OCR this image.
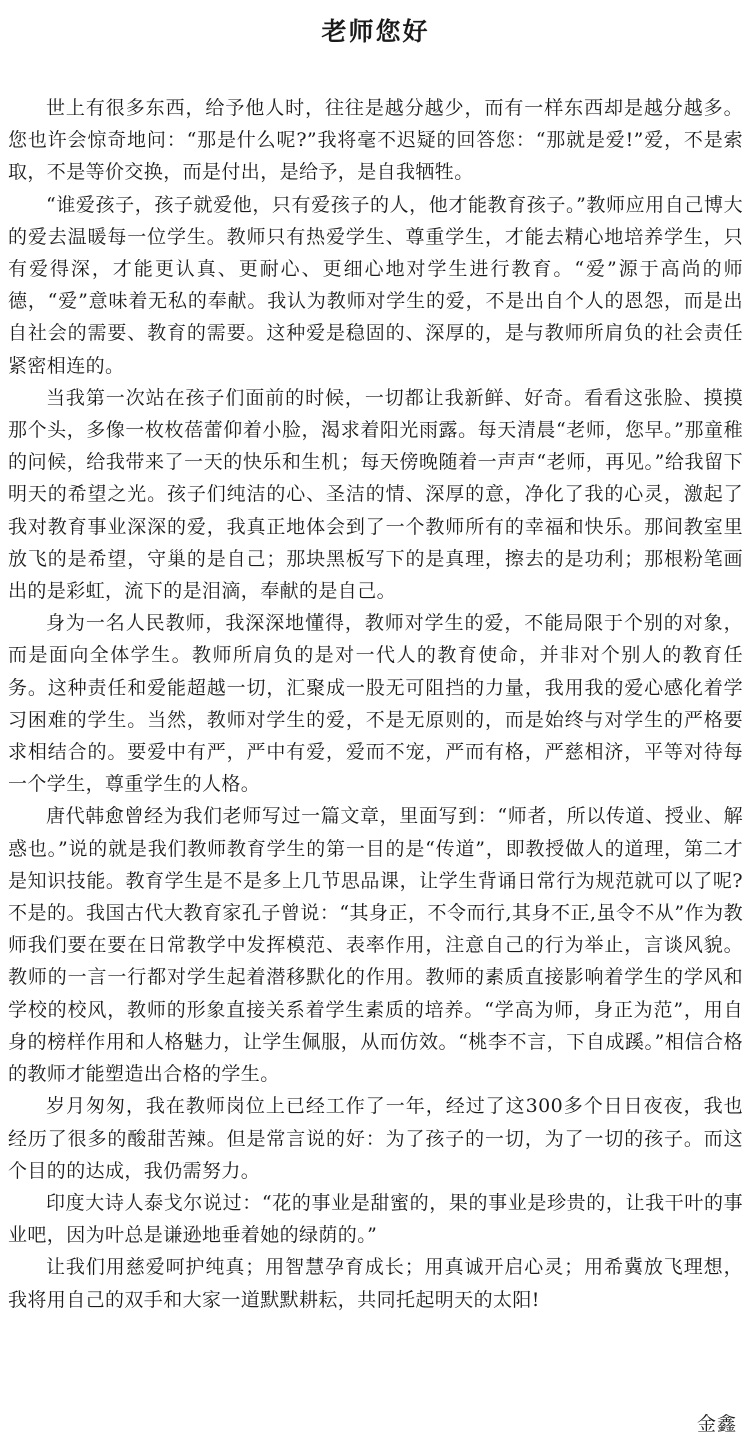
老师您好

世上有很多东西，给予他人时，往往是越分越少，而有一样东西却是越分越多。您也许会惊奇地问：“那是什么呢?”我将毫不迟疑的回答您：“那就是爱!”爱，不是索取，不是等价交换，而是付出，是给予，是自我牺牲。

“谁爱孩子，孩子就爱他，只有爱孩子的人，他才能教育孩子。”教师应用自己博大的爱去温暖每一位学生。教师只有热爱学生、尊重学生，才能去精心地培养学生，只有爱得深，才能更认真、更耐心、更细心地对学生进行教育。“爱”源于高尚的师德，“爱”意味着无私的奉献。我认为教师对学生的爱，不是出自个人的恩怨，而是出自社会的需要、教育的需要。这种爱是稳固的、深厚的，是与教师所肩负的社会责任紧密相连的。

当我第一次站在孩子们面前的时候，一切都让我新鲜、好奇。看看这张脸、摸摸那个头，多像一枚枚蓓蕾仰着小脸，渴求着阳光雨露。每天清晨“老师，您早。”那童稚的问候，给我带来了一天的快乐和生机；每天傍晚随着一声声“老师，再见。”给我留下明天的希望之光。孩子们纯洁的心、圣洁的情、深厚的意，净化了我的心灵，激起了我对教育事业深深的爱，我真正地体会到了一个教师所有的幸福和快乐。那间教室里放飞的是希望，守巢的是自己；那块黑板写下的是真理，擦去的是功利；那根粉笔画出的是彩虹，流下的是泪滴，奉献的是自己。

身为一名人民教师，我深深地懂得，教师对学生的爱，不能局限于个别的对象，而是面向全体学生。教师所肩负的是对一代人的教育使命，并非对个别人的教育任务。这种责任和爱能超越一切，汇聚成一股无可阻挡的力量，我用我的爱心感化着学习困难的学生。当然，教师对学生的爱，不是无原则的，而是始终与对学生的严格要求相结合的。要爱中有严，严中有爱，爱而不宠，严而有格，严慈相济，平等对待每一个学生，尊重学生的人格。

唐代韩愈曾经为我们老师写过一篇文章，里面写到：“师者，所以传道、授业、解惑也。”说的就是我们教师教育学生的第一目的是“传道”，即教授做人的道理，第二才是知识技能。教育学生是不是多上几节思品课，让学生背诵日常行为规范就可以了呢?不是的。我国古代大教育家孔子曾说：“其身正，不令而行,其身不正,虽令不从”作为教师我们要在要在日常教学中发挥模范、表率作用，注意自己的行为举止，言谈风貌。教师的一言一行都对学生起着潜移默化的作用。教师的素质直接影响着学生的学风和学校的校风，教师的形象直接关系着学生素质的培养。“学高为师，身正为范”，用自身的榜样作用和人格魅力，让学生佩服，从而仿效。“桃李不言，下自成蹊。”相信合格的教师才能塑造出合格的学生。

岁月匆匆，我在教师岗位上已经工作了一年，经过了这300多个日日夜夜，我也经历了很多的酸甜苦辣。但是常言说的好：为了孩子的一切，为了一切的孩子。而这个目的的达成，我仍需努力。

印度大诗人泰戈尔说过：“花的事业是甜蜜的，果的事业是珍贵的，让我干叶的事业吧，因为叶总是谦逊地垂着她的绿荫的。”

让我们用慈爱呵护纯真；用智慧孕育成长；用真诚开启心灵；用希冀放飞理想，我将用自己的双手和大家一道默默耕耘，共同托起明天的太阳!

金鑫
